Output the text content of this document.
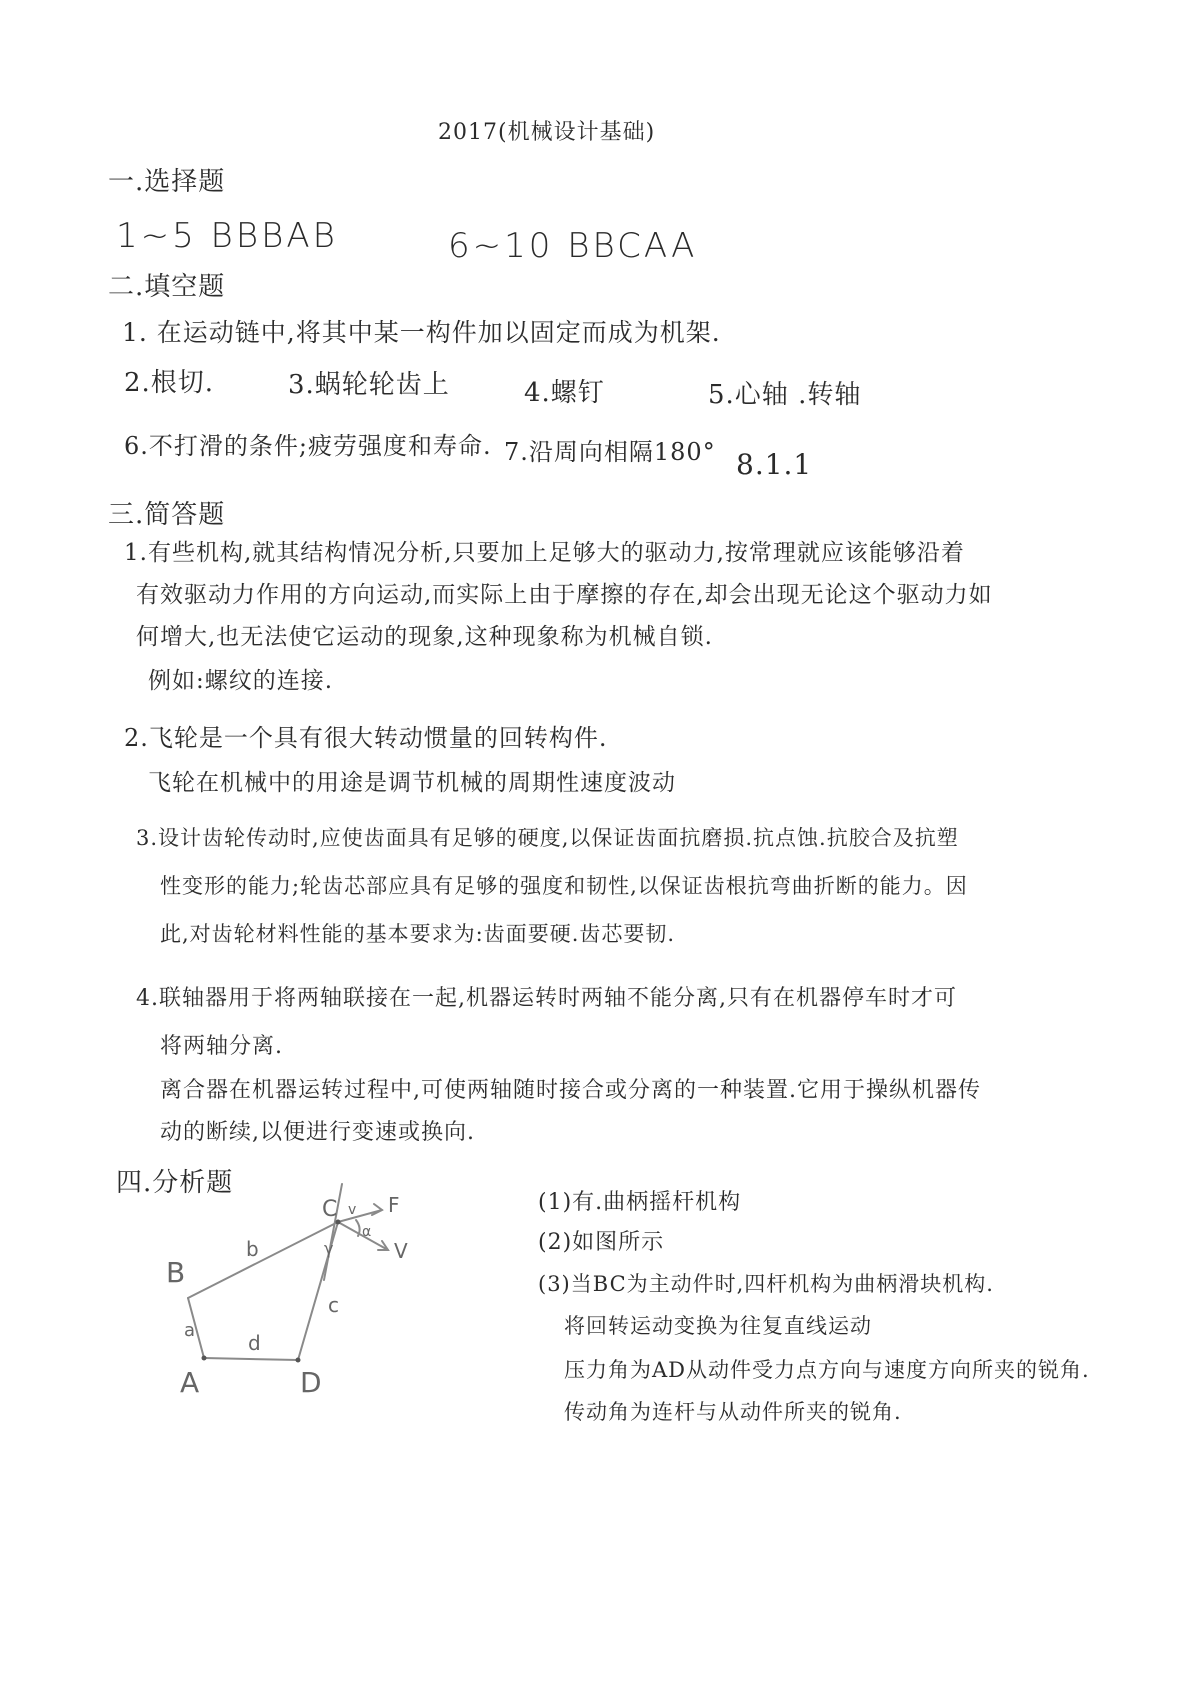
2017(机械设计基础)
一.选择题
1~5 BBBAB	6~10 BBCAA
二.填空题
1. 在运动链中,将其中某一构件加以固定而成为机架.
2.根切.	3.蜗轮轮齿上	4.螺钉	5.心轴 .转轴
6.不打滑的条件;疲劳强度和寿命. 7.沿周向相隔180° 8.1.1
三.简答题
1.有些机构,就其结构情况分析,只要加上足够大的驱动力,按常理就应该能够沿着
有效驱动力作用的方向运动,而实际上由于摩擦的存在,却会出现无论这个驱动力如
何增大,也无法使它运动的现象,这种现象称为机械自锁.
例如:螺纹的连接.
2.飞轮是一个具有很大转动惯量的回转构件.
飞轮在机械中的用途是调节机械的周期性速度波动
3.设计齿轮传动时,应使齿面具有足够的硬度,以保证齿面抗磨损.抗点蚀.抗胶合及抗塑
性变形的能力;轮齿芯部应具有足够的强度和韧性,以保证齿根抗弯曲折断的能力。因
此,对齿轮材料性能的基本要求为:齿面要硬.齿芯要韧.
4.联轴器用于将两轴联接在一起,机器运转时两轴不能分离,只有在机器停车时才可
将两轴分离.
离合器在机器运转过程中,可使两轴随时接合或分离的一种装置.它用于操纵机器传
动的断续,以便进行变速或换向.
四.分析题
(1)有.曲柄摇杆机构
(2)如图所示
(3)当BC为主动件时,四杆机构为曲柄滑块机构.
将回转运动变换为往复直线运动
压力角为AD从动件受力点方向与速度方向所夹的锐角.
传动角为连杆与从动件所夹的锐角.
B
A
C
D
a
b
c
d
F
V
v
α
γ
